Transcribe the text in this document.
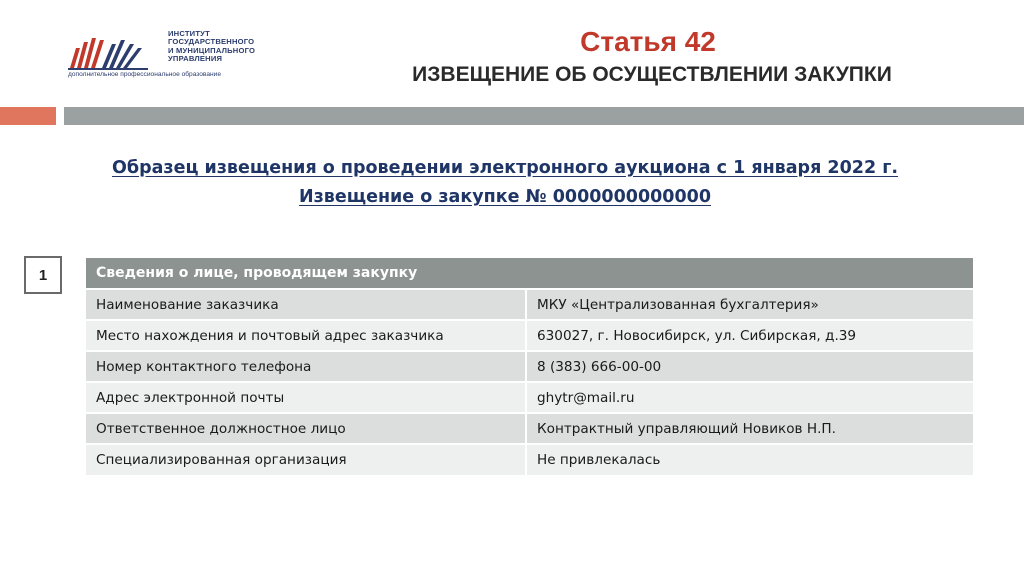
ИНСТИТУТ
ГОСУДАРСТВЕННОГО
И МУНИЦИПАЛЬНОГО
УПРАВЛЕНИЯ
дополнительное профессиональное образование
Статья 42
ИЗВЕЩЕНИЕ ОБ ОСУЩЕСТВЛЕНИИ ЗАКУПКИ
Образец извещения о проведении электронного аукциона с 1 января 2022 г.
Извещение о закупке № 0000000000000
1	Сведения о лице, проводящем закупку	
Наименование заказчика	МКУ «Централизованная бухгалтерия»
Место нахождения и почтовый адрес заказчика	630027, г. Новосибирск, ул. Сибирская, д.39
Номер контактного телефона	8 (383) 666-00-00
Адрес электронной почты	ghytr@mail.ru
Ответственное должностное лицо	Контрактный управляющий Новиков Н.П.
Специализированная организация	Не привлекалась
